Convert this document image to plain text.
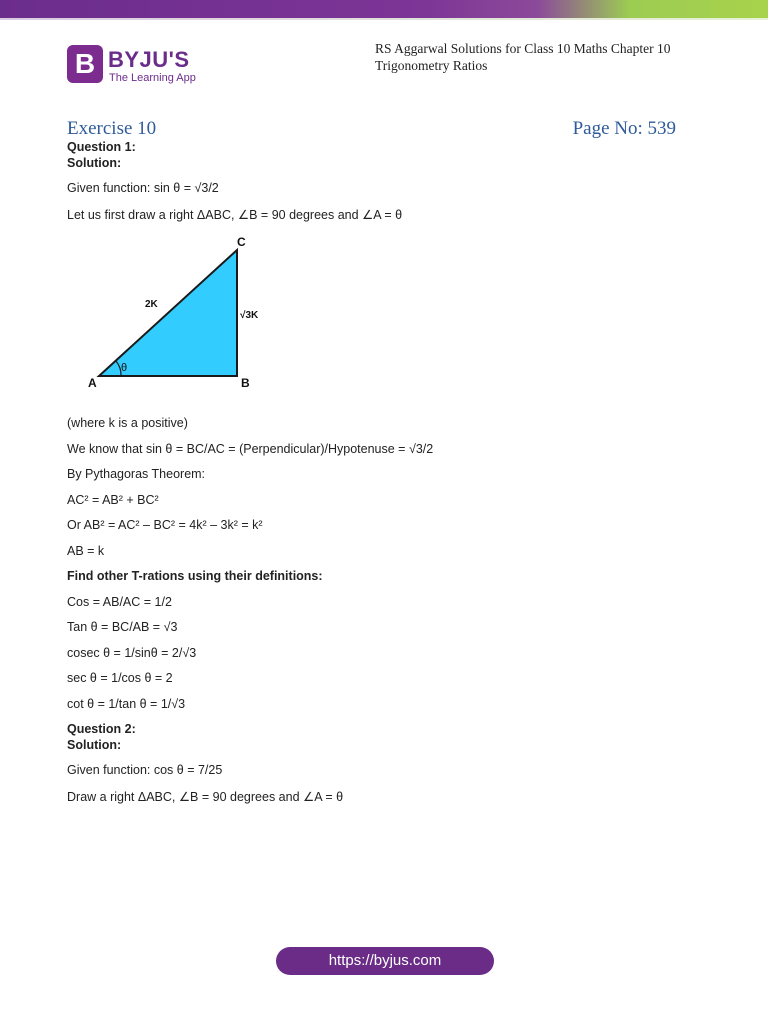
B BYJU'S
The Learning App
RS Aggarwal Solutions for Class 10 Maths Chapter 10
Trigonometry Ratios
Exercise 10	Page No: 539
Question 1:
Solution:
Given function: sin θ = √3/2
Let us first draw a right ΔABC, ∠B = 90 degrees and ∠A = θ
C
A	B
2K
√3K
θ
(where k is a positive)
We know that sin θ = BC/AC = (Perpendicular)/Hypotenuse = √3/2
By Pythagoras Theorem:
AC² = AB² + BC²
Or AB² = AC² – BC² = 4k² – 3k² = k²
AB = k
Find other T-rations using their definitions:
Cos = AB/AC = 1/2
Tan θ = BC/AB = √3
cosec θ = 1/sinθ = 2/√3
sec θ = 1/cos θ = 2
cot θ = 1/tan θ = 1/√3
Question 2:
Solution:
Given function: cos θ = 7/25
Draw a right ΔABC, ∠B = 90 degrees and ∠A = θ
https://byjus.com
